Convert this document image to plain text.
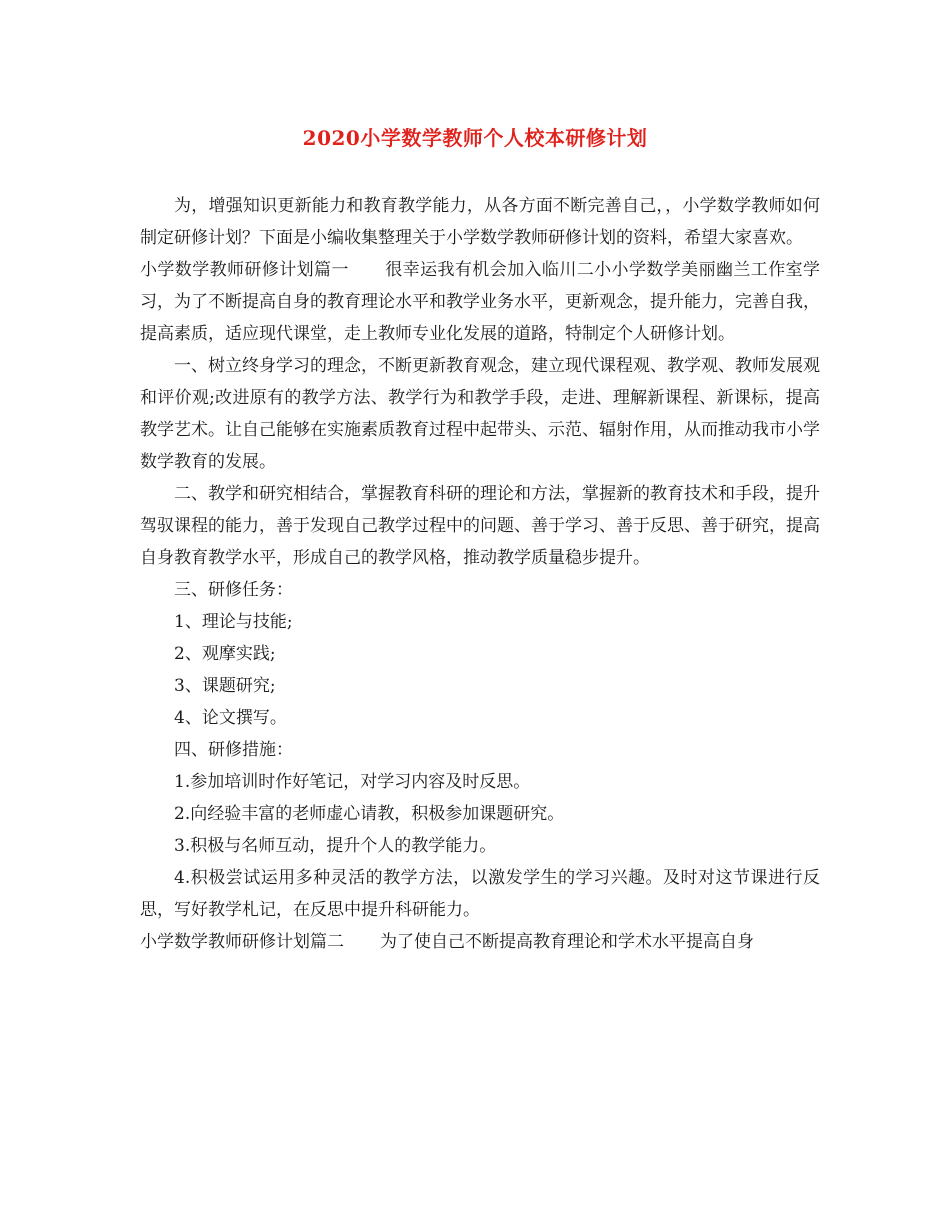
2020小学数学教师个人校本研修计划

为，增强知识更新能力和教育教学能力，从各方面不断完善自己，，小学数学教师如何制定研修计划？下面是小编收集整理关于小学数学教师研修计划的资料，希望大家喜欢。

小学数学教师研修计划篇一 很幸运我有机会加入临川二小小学数学美丽幽兰工作室学习，为了不断提高自身的教育理论水平和教学业务水平，更新观念，提升能力，完善自我，提高素质，适应现代课堂，走上教师专业化发展的道路，特制定个人研修计划。

一、树立终身学习的理念，不断更新教育观念，建立现代课程观、教学观、教师发展观和评价观;改进原有的教学方法、教学行为和教学手段，走进、理解新课程、新课标，提高教学艺术。让自己能够在实施素质教育过程中起带头、示范、辐射作用，从而推动我市小学数学教育的发展。

二、教学和研究相结合，掌握教育科研的理论和方法，掌握新的教育技术和手段，提升驾驭课程的能力，善于发现自己教学过程中的问题、善于学习、善于反思、善于研究，提高自身教育教学水平，形成自己的教学风格，推动教学质量稳步提升。

三、研修任务：

1、理论与技能;

2、观摩实践;

3、课题研究;

4、论文撰写。

四、研修措施：

1.参加培训时作好笔记，对学习内容及时反思。

2.向经验丰富的老师虚心请教，积极参加课题研究。

3.积极与名师互动，提升个人的教学能力。

4.积极尝试运用多种灵活的教学方法，以激发学生的学习兴趣。及时对这节课进行反思，写好教学札记，在反思中提升科研能力。

小学数学教师研修计划篇二 为了使自己不断提高教育理论和学术水平提高自身
